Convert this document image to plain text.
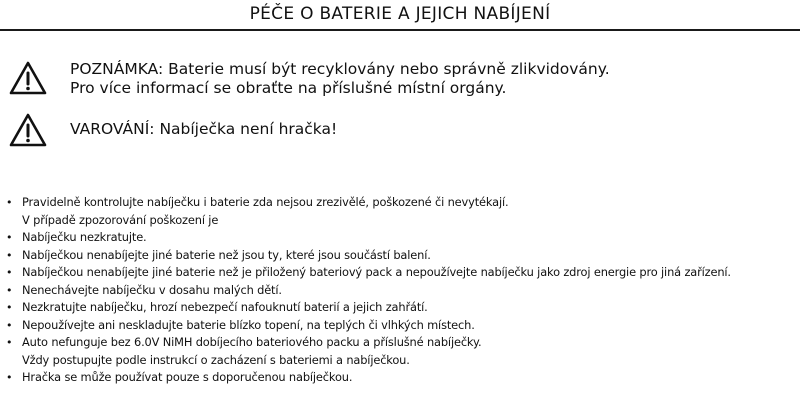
PÉČE O BATERIE A JEJICH NABÍJENÍ
POZNÁMKA: Baterie musí být recyklovány nebo správně zlikvidovány.
Pro více informací se obraťte na příslušné místní orgány.
VAROVÁNÍ: Nabíječka není hračka!
• Pravidelně kontrolujte nabíječku i baterie zda nejsou zrezivělé, poškozené či nevytékají.
V případě zpozorování poškození je
• Nabíječku nezkratujte.
• Nabíječkou nenabíjejte jiné baterie než jsou ty, které jsou součástí balení.
• Nabíječkou nenabíjejte jiné baterie než je přiložený bateriový pack a nepoužívejte nabíječku jako zdroj energie pro jiná zařízení.
• Nenechávejte nabíječku v dosahu malých dětí.
• Nezkratujte nabíječku, hrozí nebezpečí nafouknutí baterií a jejich zahřátí.
• Nepoužívejte ani neskladujte baterie blízko topení, na teplých či vlhkých místech.
• Auto nefunguje bez 6.0V NiMH dobíjecího bateriového packu a příslušné nabíječky.
Vždy postupujte podle instrukcí o zacházení s bateriemi a nabíječkou.
• Hračka se může používat pouze s doporučenou nabíječkou.
